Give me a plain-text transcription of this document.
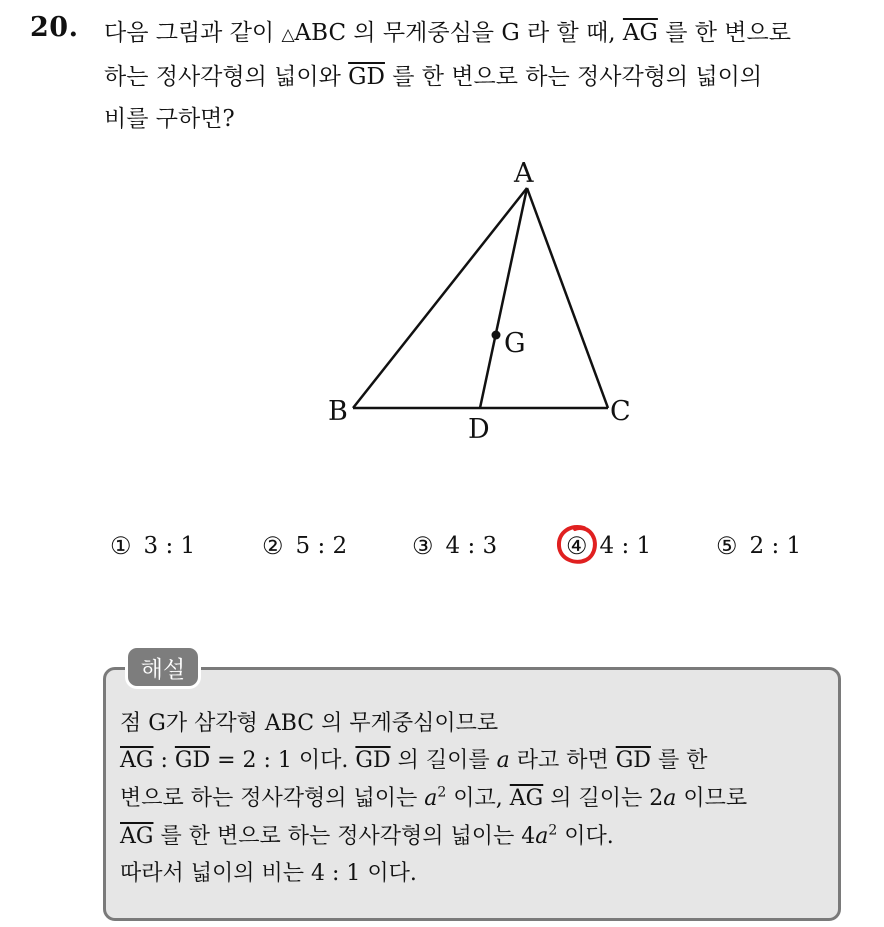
20. 다음 그림과 같이 △ABC 의 무게중심을 G 라 할 때, $\overline{AG}$ 를 한 변으로
하는 정사각형의 넓이와 $\overline{GD}$ 를 한 변으로 하는 정사각형의 넓이의
비를 구하면?
A
B	C
D
G
① 3 : 1	② 5 : 2	③ 4 : 3	④ 4 : 1	⑤ 2 : 1
해설
점 G가 삼각형 ABC 의 무게중심이므로
$\overline{AG}$ : $\overline{GD} = 2$ : 1 이다. $\overline{GD}$ 의 길이를 a 라고 하면 $\overline{GD}$ 를 한
변으로 하는 정사각형의 넓이는 $a^2$ 이고, $\overline{AG}$ 의 길이는 2a 이므로
$\overline{AG}$ 를 한 변으로 하는 정사각형의 넓이는 $4a^2$ 이다.
따라서 넓이의 비는 4 : 1 이다.
